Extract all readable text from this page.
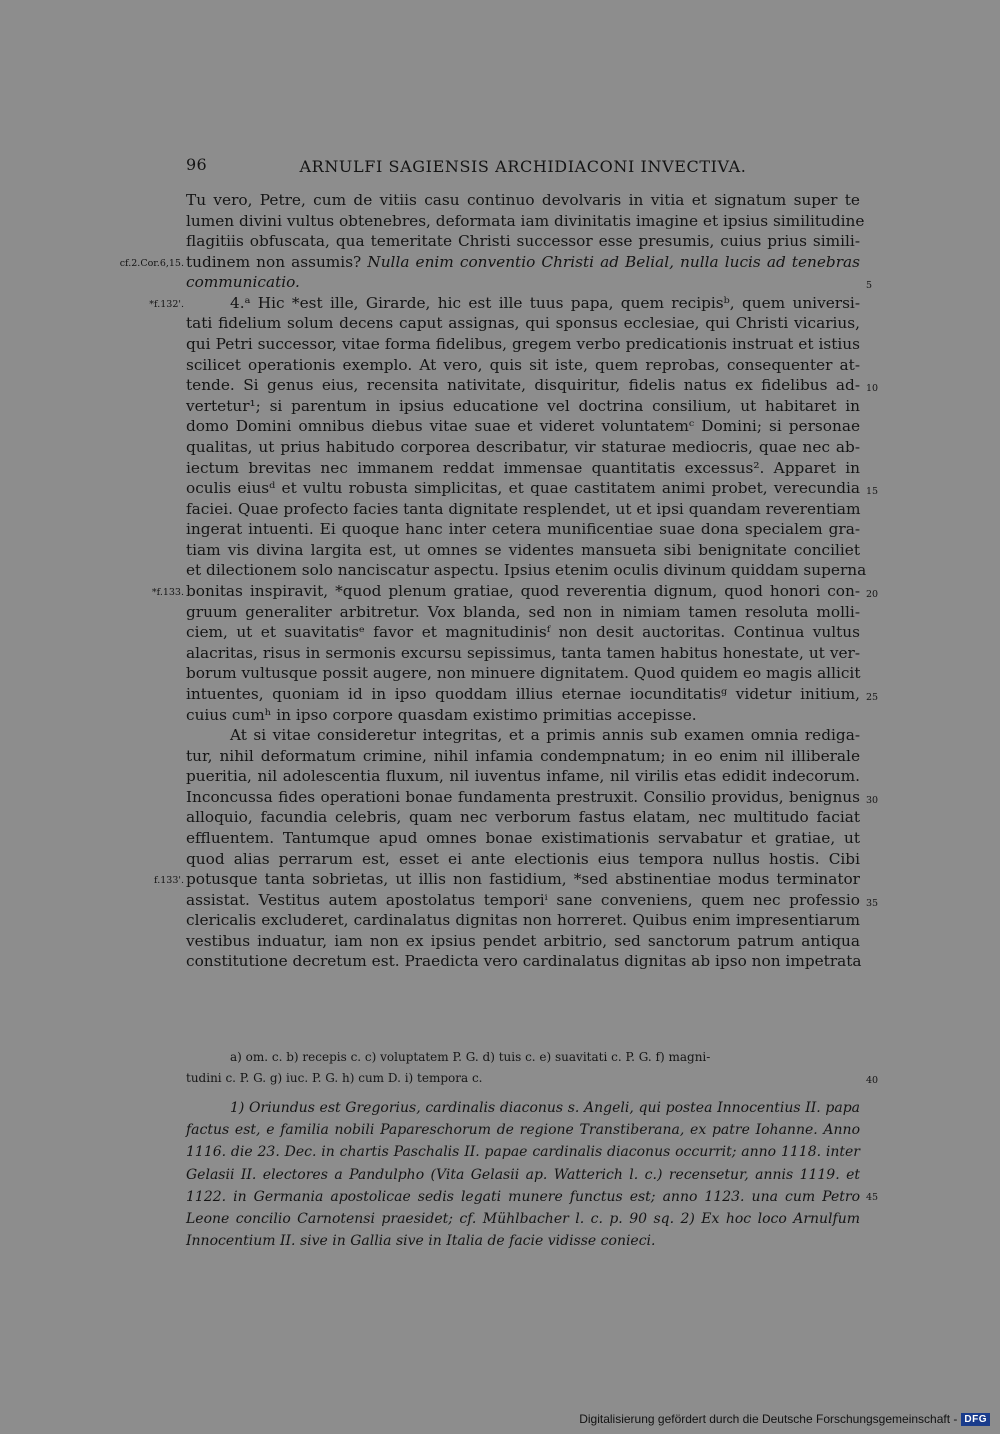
96	ARNULFI SAGIENSIS ARCHIDIACONI INVECTIVA.
Tu vero, Petre, cum de vitiis casu continuo devolvaris in vitia et signatum super te
lumen divini vultus obtenebres, deformata iam divinitatis imagine et ipsius similitudine
flagitiis obfuscata, qua temeritate Christi successor esse presumis, cuius prius simili-
tudinem non assumis? Nulla enim conventio Christi ad Belial, nulla lucis ad tenebras
cf.2.Cor.6,15.
communicatio.	5
4.ᵃ Hic *est ille, Girarde, hic est ille tuus papa, quem recipisᵇ, quem universi-
*f.132'.
tati fidelium solum decens caput assignas, qui sponsus ecclesiae, qui Christi vicarius,
qui Petri successor, vitae forma fidelibus, gregem verbo predicationis instruat et istius
scilicet operationis exemplo. At vero, quis sit iste, quem reprobas, consequenter at-
tende. Si genus eius, recensita nativitate, disquiritur, fidelis natus ex fidelibus ad- 10
vertetur¹; si parentum in ipsius educatione vel doctrina consilium, ut habitaret in
domo Domini omnibus diebus vitae suae et videret voluntatemᶜ Domini; si personae
qualitas, ut prius habitudo corporea describatur, vir staturae mediocris, quae nec ab-
iectum brevitas nec immanem reddat immensae quantitatis excessus². Apparet in
oculis eiusᵈ et vultu robusta simplicitas, et quae castitatem animi probet, verecundia 15
faciei. Quae profecto facies tanta dignitate resplendet, ut et ipsi quandam reverentiam
ingerat intuenti. Ei quoque hanc inter cetera munificentiae suae dona specialem gra-
tiam vis divina largita est, ut omnes se videntes mansueta sibi benignitate conciliet
et dilectionem solo nanciscatur aspectu. Ipsius etenim oculis divinum quiddam superna
bonitas inspiravit, *quod plenum gratiae, quod reverentia dignum, quod honori con- 20
*f.133.
gruum generaliter arbitretur. Vox blanda, sed non in nimiam tamen resoluta molli-
ciem, ut et suavitatisᵉ favor et magnitudinisᶠ non desit auctoritas. Continua vultus
alacritas, risus in sermonis excursu sepissimus, tanta tamen habitus honestate, ut ver-
borum vultusque possit augere, non minuere dignitatem. Quod quidem eo magis allicit
intuentes, quoniam id in ipso quoddam illius eternae iocunditatisᵍ videtur initium, 25
cuius cumʰ in ipso corpore quasdam existimo primitias accepisse.
At si vitae consideretur integritas, et a primis annis sub examen omnia rediga-
tur, nihil deformatum crimine, nihil infamia condempnatum; in eo enim nil illiberale
pueritia, nil adolescentia fluxum, nil iuventus infame, nil virilis etas edidit indecorum.
Inconcussa fides operationi bonae fundamenta prestruxit. Consilio providus, benignus 30
alloquio, facundia celebris, quam nec verborum fastus elatam, nec multitudo faciat
effluentem. Tantumque apud omnes bonae existimationis servabatur et gratiae, ut
quod alias perrarum est, esset ei ante electionis eius tempora nullus hostis. Cibi
potusque tanta sobrietas, ut illis non fastidium, *sed abstinentiae modus terminator
f.133'.
assistat. Vestitus autem apostolatus temporiⁱ sane conveniens, quem nec professio 35
clericalis excluderet, cardinalatus dignitas non horreret. Quibus enim impresentiarum
vestibus induatur, iam non ex ipsius pendet arbitrio, sed sanctorum patrum antiqua
constitutione decretum est. Praedicta vero cardinalatus dignitas ab ipso non impetrata
a) om. c. b) recepis c. c) voluptatem P. G. d) tuis c. e) suavitati c. P. G. f) magni-
tudini c. P. G. g) iuc. P. G. h) cum D. i) tempora c.	40
1) Oriundus est Gregorius, cardinalis diaconus s. Angeli, qui postea Innocentius II. papa
factus est, e familia nobili Papareschorum de regione Transtiberana, ex patre Iohanne. Anno
1116. die 23. Dec. in chartis Paschalis II. papae cardinalis diaconus occurrit; anno 1118. inter
Gelasii II. electores a Pandulpho (Vita Gelasii ap. Watterich l. c.) recensetur, annis 1119. et
1122. in Germania apostolicae sedis legati munere functus est; anno 1123. una cum Petro 45
Leone concilio Carnotensi praesidet; cf. Mühlbacher l. c. p. 90 sq. 2) Ex hoc loco Arnulfum
Innocentium II. sive in Gallia sive in Italia de facie vidisse conieci.
Digitalisierung gefördert durch die Deutsche Forschungsgemeinschaft - DFG
